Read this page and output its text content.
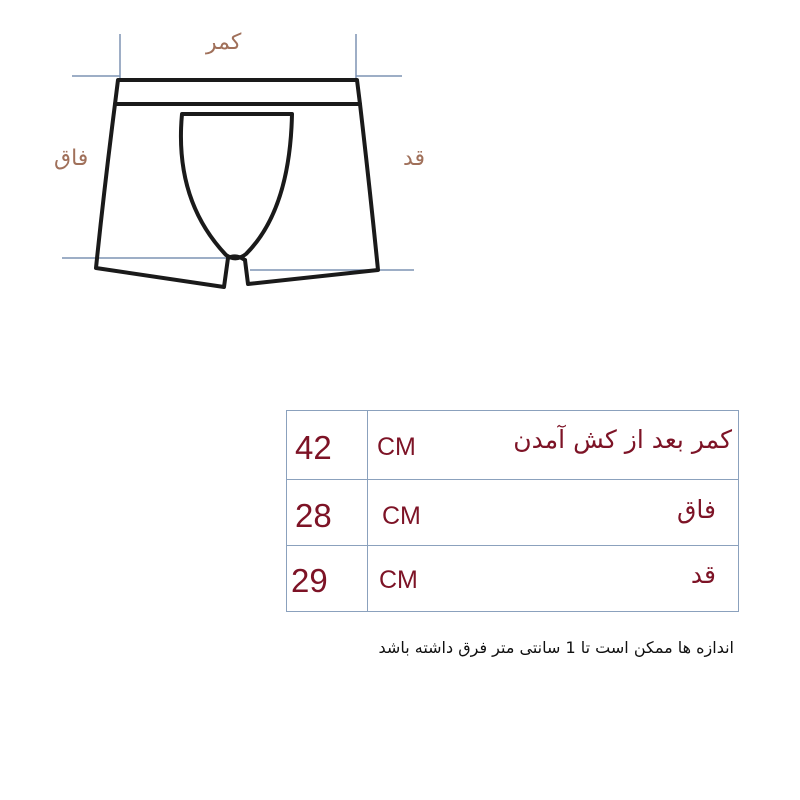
کمر
فاق	قد
42 CM	کمر بعد از کش آمدن
28 CM	فاق
29 CM	قد
اندازه ها ممکن است تا 1 سانتی متر فرق داشته باشد
